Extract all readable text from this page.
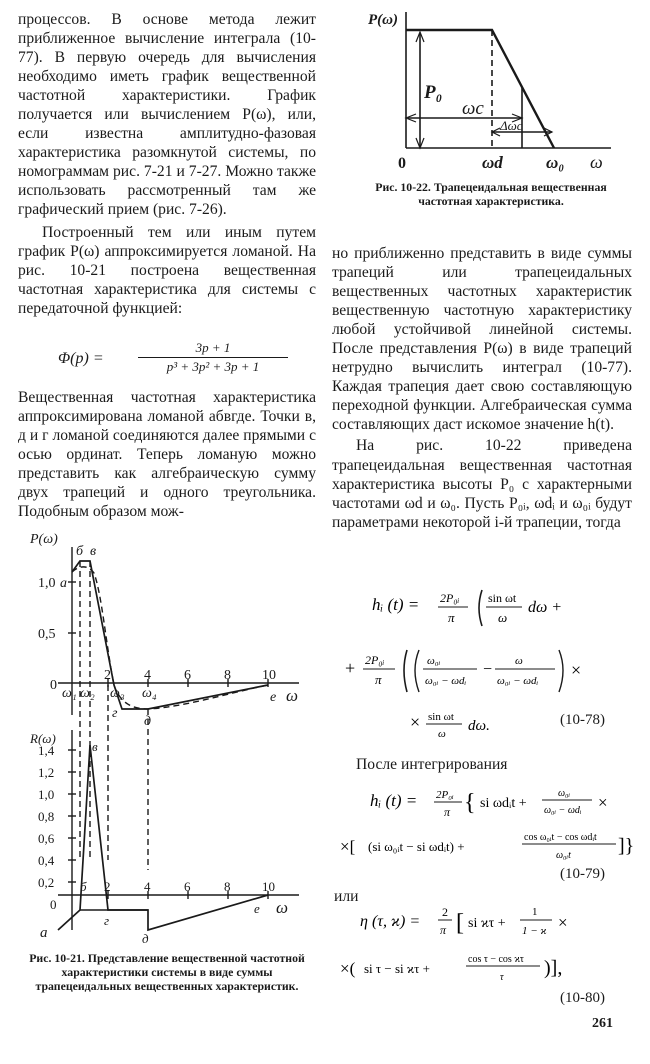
процессов. В основе метода лежит приближенное вычисление интеграла (10-77). В первую очередь для вычисления необходимо иметь график вещественной частотной характеристики. График получается или вычислением P(ω), или, если известна амплитудно-фазовая характеристика разомкнутой системы, по номограммам рис. 7-21 и 7-27. Можно также использовать рассмотренный там же графический прием (рис. 7-26).

Построенный тем или иным путем график P(ω) аппроксимируется ломаной. На рис. 10-21 построена вещественная частотная характеристика для системы с передаточной функцией:

Φ(p) =
3p + 1
p³ + 3p² + 3p + 1

Вещественная частотная характеристика аппроксимирована ломаной абвгде. Точки в, д и г ломаной соединяются далее прямыми с осью ординат. Теперь ломаную можно представить как алгебраическую сумму двух трапеций и одного треугольника. Подобным образом мож-

P(ω)
1,0
0,5
0
2 4 6 8 10
а
б в
г
д
е
ω₁ ω₂ ω₃ ω₄	ω
R(ω)
1,4
1,2
1,0
0,8
0,6
0,4
0,2
0
2	4	6	8 10
а
б
в
г
д
е ω
Рис. 10-21. Представление вещественной частотной характеристики системы в виде суммы трапецеидальных вещественных характеристик.
P(ω)
P₀
ωc
Δωc
0	ωd	ω₀ ω
Рис. 10-22. Трапецеидальная вещественная частотная характеристика.

но приближенно представить в виде суммы трапеций или трапецеидальных вещественных частотных характеристик вещественную частотную характеристику любой устойчивой линейной системы. После представления P(ω) в виде трапеций нетрудно вычислить интеграл (10-77). Каждая трапеция дает свою составляющую переходной функции. Алгебраическая сумма составляющих даст искомое значение h(t).

На рис. 10-22 приведена трапецеидальная вещественная частотная характеристика высоты P₀ с характерными частотами ωd и ω₀. Пусть P₀ᵢ, ωdᵢ и ω₀ᵢ будут параметрами некоторой i-й трапеции, тогда

hᵢ (t) = 2P₀ᵢ
π
sin ωt
ω
dω +
+ 2P₀ᵢ
π
ω₀ᵢ
ω₀ᵢ − ωdᵢ
− ω
ω₀ᵢ − ωdᵢ
×
× sin ωt
ω dω.	(10-78)
После интегрирования
hᵢ (t) = 2P₀ᵢ
π { si ωdᵢt +
ω₀ᵢ
ω₀ᵢ − ωdᵢ ×
×[ (si ω₀ᵢt − si ωdᵢt) +
cos ω₀ᵢt − cos ωdᵢt
ω₀ᵢt ]}
(10-79)
или
η (τ, ϰ) =
2
π [ si ϰτ +
1
1 − ϰ ×
×( si τ − si ϰτ +
cos τ − cos ϰτ
τ )],
(10-80)
261
